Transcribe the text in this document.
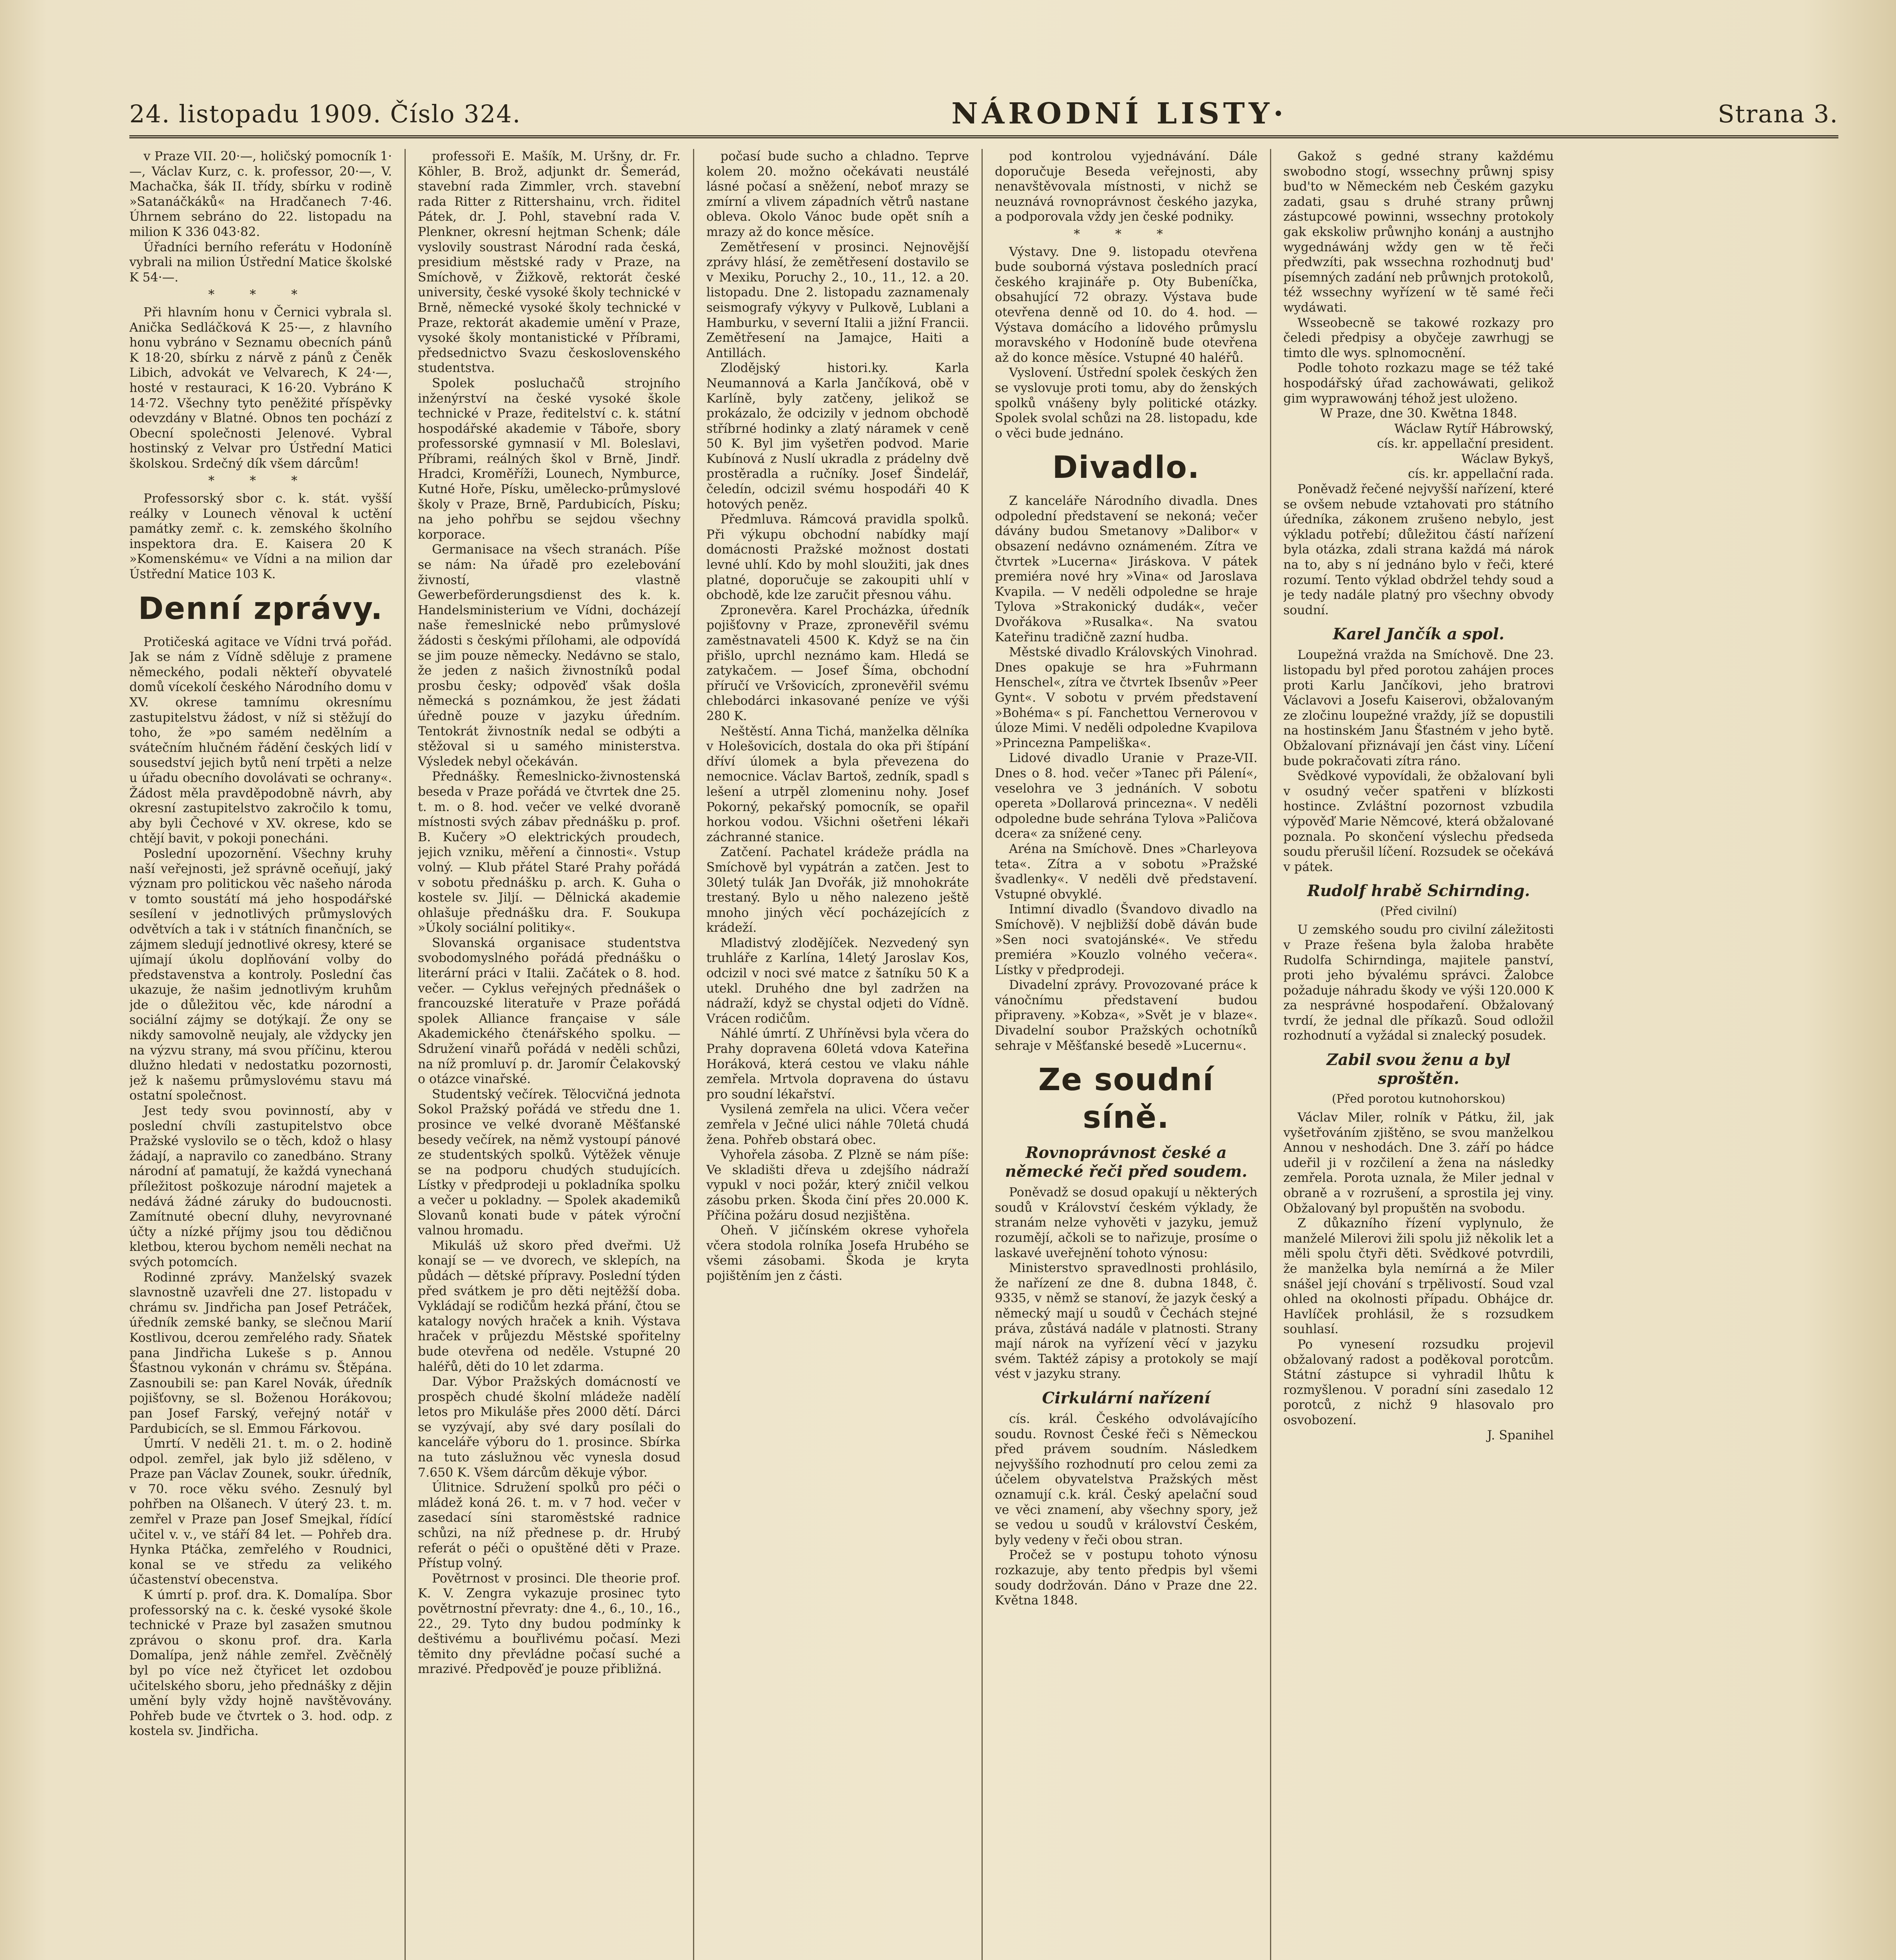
24. listopadu 1909. Číslo 324.	NÁRODNÍ LISTY·	Strana 3.

v Praze VII. 20·—, holičský pomocník 1·—, Václav Kurz, c. k. professor, 20·—, V. Machačka, šák II. třídy, sbírku v rodině »Satanáčkáků« na Hradčanech 7·46. Úhrnem sebráno do 22. listopadu na milion K 336 043·82.

Úřadníci berního referátu v Hodoníně vybrali na milion Ústřední Matice školské K 54·—.

* * *

Při hlavním honu v Černici vybrala sl. Anička Sedláčková K 25·—, z hlavního honu vybráno v Seznamu obecních pánů K 18·20, sbírku z nárvě z pánů z Čeněk Libich, advokát ve Velvarech, K 24·—, hosté v restauraci, K 16·20. Vybráno K 14·72. Všechny tyto peněžité příspěvky odevzdány v Blatné. Obnos ten pochází z Obecní společnosti Jelenové. Vybral hostinský z Velvar pro Ústřední Matici školskou. Srdečný dík všem dárcům!

* * *

Professorský sbor c. k. stát. vyšší reálky v Lounech věnoval k uctění památky zemř. c. k. zemského školního inspektora dra. E. Kaisera 20 K »Komenskému« ve Vídni a na milion dar Ústřední Matice 103 K.

Denní zprávy.

Protičeská agitace ve Vídni trvá pořád. Jak se nám z Vídně sděluje z pramene německého, podali někteří obyvatelé domů vícekolí českého Národního domu v XV. okrese tamnímu okresnímu zastupitelstvu žádost, v níž si stěžují do toho, že »po samém nedělním a svátečním hlučném řádění českých lidí v sousedství jejich bytů není trpěti a nelze u úřadu obecního dovolávati se ochrany«. Žádost měla pravděpodobně návrh, aby okresní zastupitelstvo zakročilo k tomu, aby byli Čechové v XV. okrese, kdo se chtějí bavit, v pokoji ponecháni.

Poslední upozornění. Všechny kruhy naší veřejnosti, jež správně oceňují, jaký význam pro politickou věc našeho národa v tomto soustátí má jeho hospodářské sesílení v jednotlivých průmyslových odvětvích a tak i v státních finančních, se zájmem sledují jednotlivé okresy, které se ujímají úkolu doplňování volby do představenstva a kontroly. Poslední čas ukazuje, že našim jednotlivým kruhům jde o důležitou věc, kde národní a sociální zájmy se dotýkají. Že ony se nikdy samovolně neujaly, ale vždycky jen na výzvu strany, má svou příčinu, kterou dlužno hledati v nedostatku pozornosti, jež k našemu průmyslovému stavu má ostatní společnost.

Jest tedy svou povinností, aby v poslední chvíli zastupitelstvo obce Pražské vyslovilo se o těch, kdož o hlasy žádají, a napravilo co zanedbáno. Strany národní ať pamatují, že každá vynechaná příležitost poškozuje národní majetek a nedává žádné záruky do budoucnosti. Zamítnuté obecní dluhy, nevyrovnané účty a nízké příjmy jsou tou dědičnou kletbou, kterou bychom neměli nechat na svých potomcích.

Rodinné zprávy. Manželský svazek slavnostně uzavřeli dne 27. listopadu v chrámu sv. Jindřicha pan Josef Petráček, úředník zemské banky, se slečnou Marií Kostlivou, dcerou zemřelého rady. Sňatek pana Jindřicha Lukeše s p. Annou Šťastnou vykonán v chrámu sv. Štěpána. Zasnoubili se: pan Karel Novák, úředník pojišťovny, se sl. Boženou Horákovou; pan Josef Farský, veřejný notář v Pardubicích, se sl. Emmou Fárkovou.

Úmrtí. V neděli 21. t. m. o 2. hodině odpol. zemřel, jak bylo již sděleno, v Praze pan Václav Zounek, soukr. úředník, v 70. roce věku svého. Zesnulý byl pohřben na Olšanech. V úterý 23. t. m. zemřel v Praze pan Josef Smejkal, řídící učitel v. v., ve stáří 84 let. — Pohřeb dra. Hynka Ptáčka, zemřelého v Roudnici, konal se ve středu za velikého účastenství obecenstva.

K úmrtí p. prof. dra. K. Domalípa. Sbor professorský na c. k. české vysoké škole technické v Praze byl zasažen smutnou zprávou o skonu prof. dra. Karla Domalípa, jenž náhle zemřel. Zvěčnělý byl po více než čtyřicet let ozdobou učitelského sboru, jeho přednášky z dějin umění byly vždy hojně navštěvovány. Pohřeb bude ve čtvrtek o 3. hod. odp. z kostela sv. Jindřicha.

professoři E. Mašík, M. Uršny, dr. Fr. Köhler, B. Brož, adjunkt dr. Šemerád, stavební rada Zimmler, vrch. stavební rada Ritter z Rittershainu, vrch. řiditel Pátek, dr. J. Pohl, stavební rada V. Plenkner, okresní hejtman Schenk; dále vyslovily soustrast Národní rada česká, presidium městské rady v Praze, na Smíchově, v Žižkově, rektorát české university, české vysoké školy technické v Brně, německé vysoké školy technické v Praze, rektorát akademie umění v Praze, vysoké školy montanistické v Příbrami, předsednictvo Svazu československého studentstva.

Spolek posluchačů strojního inženýrství na české vysoké škole technické v Praze, ředitelství c. k. státní hospodářské akademie v Táboře, sbory professorské gymnasií v Ml. Boleslavi, Příbrami, reálných škol v Brně, Jindř. Hradci, Kroměříži, Lounech, Nymburce, Kutné Hoře, Písku, umělecko-průmyslové školy v Praze, Brně, Pardubicích, Písku; na jeho pohřbu se sejdou všechny korporace.

Germanisace na všech stranách. Píše se nám: Na úřadě pro ezelebování živností, vlastně Gewerbeförderungsdienst des k. k. Handelsministerium ve Vídni, docházejí naše řemeslnické nebo průmyslové žádosti s českými přílohami, ale odpovídá se jim pouze německy. Nedávno se stalo, že jeden z našich živnostníků podal prosbu česky; odpověď však došla německá s poznámkou, že jest žádati úředně pouze v jazyku úředním. Tentokrát živnostník nedal se odbýti a stěžoval si u samého ministerstva. Výsledek nebyl očekáván.

Přednášky. Řemeslnicko-živnostenská beseda v Praze pořádá ve čtvrtek dne 25. t. m. o 8. hod. večer ve velké dvoraně místnosti svých zábav přednášku p. prof. B. Kučery »O elektrických proudech, jejich vzniku, měření a činnosti«. Vstup volný. — Klub přátel Staré Prahy pořádá v sobotu přednášku p. arch. K. Guha o kostele sv. Jiljí. — Dělnická akademie ohlašuje přednášku dra. F. Soukupa »Úkoly sociální politiky«.

Slovanská organisace studentstva svobodomyslného pořádá přednášku o literární práci v Italii. Začátek o 8. hod. večer. — Cyklus veřejných přednášek o francouzské literatuře v Praze pořádá spolek Alliance française v sále Akademického čtenářského spolku. — Sdružení vinařů pořádá v neděli schůzi, na níž promluví p. dr. Jaromír Čelakovský o otázce vinařské.

Studentský večírek. Tělocvičná jednota Sokol Pražský pořádá ve středu dne 1. prosince ve velké dvoraně Měšťanské besedy večírek, na němž vystoupí pánové ze studentských spolků. Výtěžek věnuje se na podporu chudých studujících. Lístky v předprodeji u pokladníka spolku a večer u pokladny. — Spolek akademiků Slovanů konati bude v pátek výroční valnou hromadu.

Mikuláš už skoro před dveřmi. Už konají se — ve dvorech, ve sklepích, na půdách — dětské přípravy. Poslední týden před svátkem je pro děti nejtěžší doba. Vykládají se rodičům hezká přání, čtou se katalogy nových hraček a knih. Výstava hraček v průjezdu Městské spořitelny bude otevřena od neděle. Vstupné 20 haléřů, děti do 10 let zdarma.

Dar. Výbor Pražských domácností ve prospěch chudé školní mládeže nadělí letos pro Mikuláše přes 2000 dětí. Dárci se vyzývají, aby své dary posílali do kanceláře výboru do 1. prosince. Sbírka na tuto záslužnou věc vynesla dosud 7.650 K. Všem dárcům děkuje výbor.

Úlitnice. Sdružení spolků pro péči o mládež koná 26. t. m. v 7 hod. večer v zasedací síni staroměstské radnice schůzi, na níž přednese p. dr. Hrubý referát o péči o opuštěné děti v Praze. Přístup volný.

Povětrnost v prosinci. Dle theorie prof. K. V. Zengra vykazuje prosinec tyto povětrnostní převraty: dne 4., 6., 10., 16., 22., 29. Tyto dny budou podmínky k deštivému a bouřlivému počasí. Mezi těmito dny převládne počasí suché a mrazivé. Předpověď je pouze přibližná.

počasí bude sucho a chladno. Teprve kolem 20. možno očekávati neustálé lásné počasí a sněžení, neboť mrazy se zmírní a vlivem západních větrů nastane obleva. Okolo Vánoc bude opět sníh a mrazy až do konce měsíce.

Zemětřesení v prosinci. Nejnovější zprávy hlásí, že zemětřesení dostavilo se v Mexiku, Poruchy 2., 10., 11., 12. a 20. listopadu. Dne 2. listopadu zaznamenaly seismografy výkyvy v Pulkově, Lublani a Hamburku, v severní Italii a jižní Francii. Zemětřesení na Jamajce, Haiti a Antillách.

Zlodějský histori.ky. Karla Neumannová a Karla Jančíková, obě v Karlíně, byly zatčeny, jelikož se prokázalo, že odcizily v jednom obchodě stříbrné hodinky a zlatý náramek v ceně 50 K. Byl jim vyšetřen podvod. Marie Kubínová z Nuslí ukradla z prádelny dvě prostěradla a ručníky. Josef Šindelář, čeledín, odcizil svému hospodáři 40 K hotových peněz.

Předmluva. Rámcová pravidla spolků. Při výkupu obchodní nabídky mají domácnosti Pražské možnost dostati levné uhlí. Kdo by mohl sloužiti, jak dnes platné, doporučuje se zakoupiti uhlí v obchodě, kde lze zaručit přesnou váhu.

Zpronevěra. Karel Procházka, úředník pojišťovny v Praze, zpronevěřil svému zaměstnavateli 4500 K. Když se na čin přišlo, uprchl neznámo kam. Hledá se zatykačem. — Josef Šíma, obchodní příručí ve Vršovicích, zpronevěřil svému chlebodárci inkasované peníze ve výši 280 K.

Neštěstí. Anna Tichá, manželka dělníka v Holešovicích, dostala do oka při štípání dříví úlomek a byla převezena do nemocnice. Václav Bartoš, zedník, spadl s lešení a utrpěl zlomeninu nohy. Josef Pokorný, pekařský pomocník, se opařil horkou vodou. Všichni ošetřeni lékaři záchranné stanice.

Zatčení. Pachatel krádeže prádla na Smíchově byl vypátrán a zatčen. Jest to 30letý tulák Jan Dvořák, již mnohokráte trestaný. Bylo u něho nalezeno ještě mnoho jiných věcí pocházejících z krádeží.

Mladistvý zlodějíček. Nezvedený syn truhláře z Karlína, 14letý Jaroslav Kos, odcizil v noci své matce z šatníku 50 K a utekl. Druhého dne byl zadržen na nádraží, když se chystal odjeti do Vídně. Vrácen rodičům.

Náhlé úmrtí. Z Uhříněvsi byla včera do Prahy dopravena 60letá vdova Kateřina Horáková, která cestou ve vlaku náhle zemřela. Mrtvola dopravena do ústavu pro soudní lékařství.

Vysilená zemřela na ulici. Včera večer zemřela v Ječné ulici náhle 70letá chudá žena. Pohřeb obstará obec.

Vyhořela zásoba. Z Plzně se nám píše: Ve skladišti dřeva u zdejšího nádraží vypukl v noci požár, který zničil velkou zásobu prken. Škoda činí přes 20.000 K. Příčina požáru dosud nezjištěna.

Oheň. V jičínském okrese vyhořela včera stodola rolníka Josefa Hrubého se všemi zásobami. Škoda je kryta pojištěním jen z části.

pod kontrolou vyjednávání. Dále doporučuje Beseda veřejnosti, aby nenavštěvovala místnosti, v nichž se neuznává rovnoprávnost českého jazyka, a podporovala vždy jen české podniky.

* * *

Výstavy. Dne 9. listopadu otevřena bude souborná výstava posledních prací českého krajináře p. Oty Bubeníčka, obsahující 72 obrazy. Výstava bude otevřena denně od 10. do 4. hod. — Výstava domácího a lidového průmyslu moravského v Hodoníně bude otevřena až do konce měsíce. Vstupné 40 haléřů.

Vyslovení. Ústřední spolek českých žen se vyslovuje proti tomu, aby do ženských spolků vnášeny byly politické otázky. Spolek svolal schůzi na 28. listopadu, kde o věci bude jednáno.

Divadlo.

Z kanceláře Národního divadla. Dnes odpolední představení se nekoná; večer dávány budou Smetanovy »Dalibor« v obsazení nedávno oznámeném. Zítra ve čtvrtek »Lucerna« Jiráskova. V pátek premiéra nové hry »Vina« od Jaroslava Kvapila. — V neděli odpoledne se hraje Tylova »Strakonický dudák«, večer Dvořákova »Rusalka«. Na svatou Kateřinu tradičně zazní hudba.

Městské divadlo Královských Vinohrad. Dnes opakuje se hra »Fuhrmann Henschel«, zítra ve čtvrtek Ibsenův »Peer Gynt«. V sobotu v prvém představení »Bohéma« s pí. Fanchettou Vernerovou v úloze Mimi. V neděli odpoledne Kvapilova »Princezna Pampeliška«.

Lidové divadlo Uranie v Praze-VII. Dnes o 8. hod. večer »Tanec při Pálení«, veselohra ve 3 jednáních. V sobotu opereta »Dollarová princezna«. V neděli odpoledne bude sehrána Tylova »Paličova dcera« za snížené ceny.

Aréna na Smíchově. Dnes »Charleyova teta«. Zítra a v sobotu »Pražské švadlenky«. V neděli dvě představení. Vstupné obvyklé.

Intimní divadlo (Švandovo divadlo na Smíchově). V nejbližší době dáván bude »Sen noci svatojánské«. Ve středu premiéra »Kouzlo volného večera«. Lístky v předprodeji.

Divadelní zprávy. Provozované práce k vánočnímu představení budou připraveny. »Kobza«, »Svět je v blaze«. Divadelní soubor Pražských ochotníků sehraje v Měšťanské besedě »Lucernu«.

Ze soudní síně.
Rovnoprávnost české a německé řeči před soudem.

Poněvadž se dosud opakují u některých soudů v Království českém výklady, že stranám nelze vyhověti v jazyku, jemuž rozumějí, ačkoli se to nařizuje, prosíme o laskavé uveřejnění tohoto výnosu:

Ministerstvo spravedlnosti prohlásilo, že nařízení ze dne 8. dubna 1848, č. 9335, v němž se stanoví, že jazyk český a německý mají u soudů v Čechách stejné práva, zůstává nadále v platnosti. Strany mají nárok na vyřízení věcí v jazyku svém. Taktéž zápisy a protokoly se mají vést v jazyku strany.

Cirkulární nařízení

cís. král. Českého odvolávajícího soudu. Rovnost České řeči s Německou před právem soudním. Následkem nejvyššího rozhodnutí pro celou zemi za účelem obyvatelstva Pražských měst oznamují c.k. král. Český apelační soud ve věci znamení, aby všechny spory, jež se vedou u soudů v království Českém, byly vedeny v řeči obou stran.

Pročež se v postupu tohoto výnosu rozkazuje, aby tento předpis byl všemi soudy dodržován. Dáno v Praze dne 22. Května 1848.

Gakož s gedné strany každému swobodno stogí, wssechny průwnj spisy bud'to w Německém neb Českém gazyku zadati, gsau s druhé strany průwnj zástupcowé powinni, wssechny protokoly gak ekskoliw průwnjho konánj a austnjho wygednáwánj wždy gen w tě řeči předwzíti, pak wssechna rozhodnutj bud' písemných zadání neb průwnjch protokolů, též wssechny wyřízení w tě samé řeči wydáwati.

Wsseobecně se takowé rozkazy pro čeledi předpisy a obyčeje zawrhugj se timto dle wys. splnomocnění.

Podle tohoto rozkazu mage se též také hospodářský úřad zachowáwati, gelikož gim wyprawowánj téhož jest uloženo.

W Praze, dne 30. Kwětna 1848.

Wáclaw Rytíř Hábrowský,

cís. kr. appellační president.

Wáclaw Bykyš,

cís. kr. appellační rada.

Poněvadž řečené nejvyšší nařízení, které se ovšem nebude vztahovati pro státního úředníka, zákonem zrušeno nebylo, jest výkladu potřebí; důležitou částí nařízení byla otázka, zdali strana každá má nárok na to, aby s ní jednáno bylo v řeči, které rozumí. Tento výklad obdržel tehdy soud a je tedy nadále platný pro všechny obvody soudní.

Karel Jančík a spol.

Loupežná vražda na Smíchově. Dne 23. listopadu byl před porotou zahájen proces proti Karlu Jančíkovi, jeho bratrovi Václavovi a Josefu Kaiserovi, obžalovaným ze zločinu loupežné vraždy, jíž se dopustili na hostinském Janu Šťastném v jeho bytě. Obžalovaní přiznávají jen část viny. Líčení bude pokračovati zítra ráno.

Svědkové vypovídali, že obžalovaní byli v osudný večer spatřeni v blízkosti hostince. Zvláštní pozornost vzbudila výpověď Marie Němcové, která obžalované poznala. Po skončení výslechu předseda soudu přerušil líčení. Rozsudek se očekává v pátek.

Rudolf hrabě Schirnding.
(Před civilní)

U zemského soudu pro civilní záležitosti v Praze řešena byla žaloba hraběte Rudolfa Schirndinga, majitele panství, proti jeho bývalému správci. Žalobce požaduje náhradu škody ve výši 120.000 K za nesprávné hospodaření. Obžalovaný tvrdí, že jednal dle příkazů. Soud odložil rozhodnutí a vyžádal si znalecký posudek.

Zabil svou ženu a byl sproštěn.
(Před porotou kutnohorskou)

Václav Miler, rolník v Pátku, žil, jak vyšetřováním zjištěno, se svou manželkou Annou v neshodách. Dne 3. září po hádce udeřil ji v rozčilení a žena na následky zemřela. Porota uznala, že Miler jednal v obraně a v rozrušení, a sprostila jej viny. Obžalovaný byl propuštěn na svobodu.

Z důkazního řízení vyplynulo, že manželé Milerovi žili spolu již několik let a měli spolu čtyři děti. Svědkové potvrdili, že manželka byla nemírná a že Miler snášel její chování s trpělivostí. Soud vzal ohled na okolnosti případu. Obhájce dr. Havlíček prohlásil, že s rozsudkem souhlasí.

Po vynesení rozsudku projevil obžalovaný radost a poděkoval porotcům. Státní zástupce si vyhradil lhůtu k rozmyšlenou. V poradní síni zasedalo 12 porotců, z nichž 9 hlasovalo pro osvobození.

J. Spanihel
